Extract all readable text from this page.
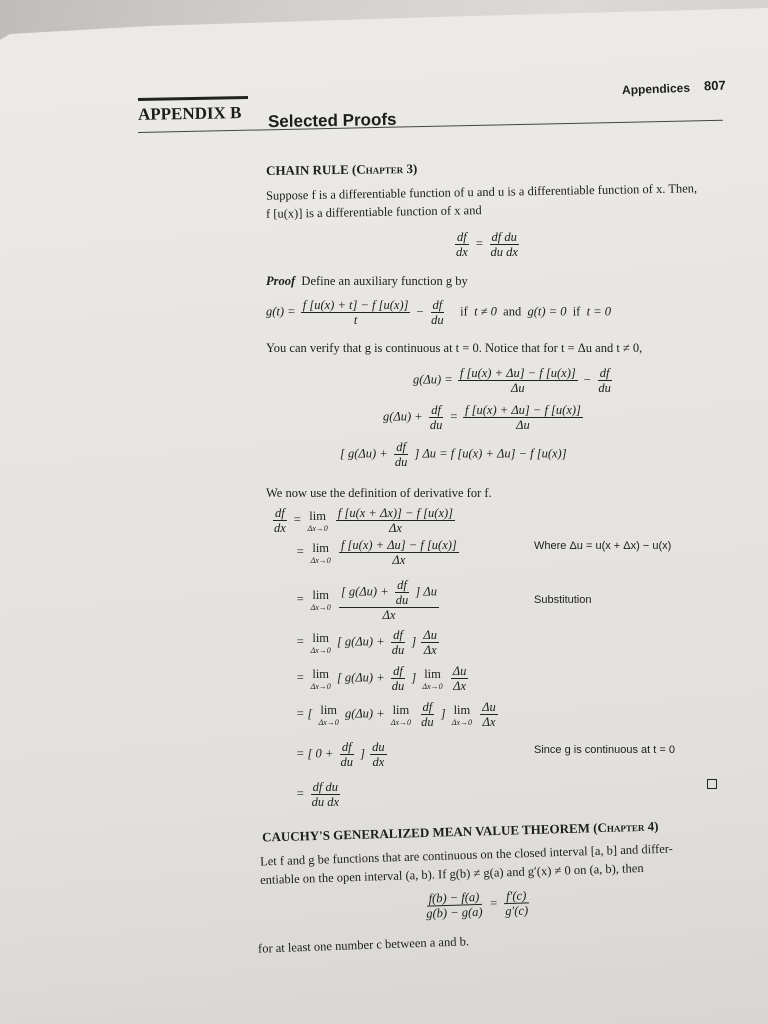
Appendices 807
APPENDIX B Selected Proofs
CHAIN RULE (Chapter 3)
Suppose f is a differentiable function of u and u is a differentiable function of x. Then,
f [u(x)] is a differentiable function of x and
$\frac{df}{dx} = \frac{\text{df du}}{\text{du dx}}$
Proof Define an auxiliary function g by
$g(t) = \frac{f [u(x) + t] - f [u(x)]}{t} - \frac{df}{du}$ if  t ≠ 0  and  g(t) = 0  if  t = 0
You can verify that g is continuous at t = 0. Notice that for t = Δu and t ≠ 0,
$g(\Delta u) = \frac{f [u(x) + \Delta u] - f [u(x)]}{\Delta u} - \frac{df}{du}$
$g(\Delta u) + \frac{df}{du} = \frac{f [u(x) + \Delta u] - f [u(x)]}{\Delta u}$
[ $g(\Delta u) + \frac{df}{du}$ ] Δu = f [u(x) + Δu] − f [u(x)]
We now use the definition of derivative for f.
$\frac{df}{dx} = \lim$
Δx→0
$\frac{f [u(x + \Delta x)] - f [u(x)]}{\Delta x}$
= lim
Δx→0
$\frac{f [u(x) + \Delta u] - f [u(x)]}{\Delta x}$	Where Δu = u(x + Δx) − u(x)
= lim
Δx→0
$\frac{[ g(\Delta u) + \frac{df}{du} ] \Delta u}{\Delta x}$	Substitution
= lim
Δx→0
[ $g(\Delta u) + \frac{df}{du}$ ] $\frac{\Delta u}{\Delta x}$
= lim
Δx→0
[ $g(\Delta u) + \frac{df}{du}$ ] lim
Δx→0
$\frac{\Delta u}{\Delta x}$
= [ lim
Δx→0
g(Δu) + lim
Δx→0
$\frac{df}{du}$ ] lim
Δx→0
$\frac{\Delta u}{\Delta x}$
= [ $0 + \frac{df}{du}$ ] $\frac{du}{dx}$	Since g is continuous at t = 0
= $\frac{\text{df du}}{\text{du dx}}$
CAUCHY'S GENERALIZED MEAN VALUE THEOREM (Chapter 4)
Let f and g be functions that are continuous on the closed interval [a, b] and differ-
entiable on the open interval (a, b). If g(b) ≠ g(a) and g′(x) ≠ 0 on (a, b), then
$\frac{f(b) - f(a)}{g(b) - g(a)} = \frac{f'(c)}{g'(c)}$
for at least one number c between a and b.
